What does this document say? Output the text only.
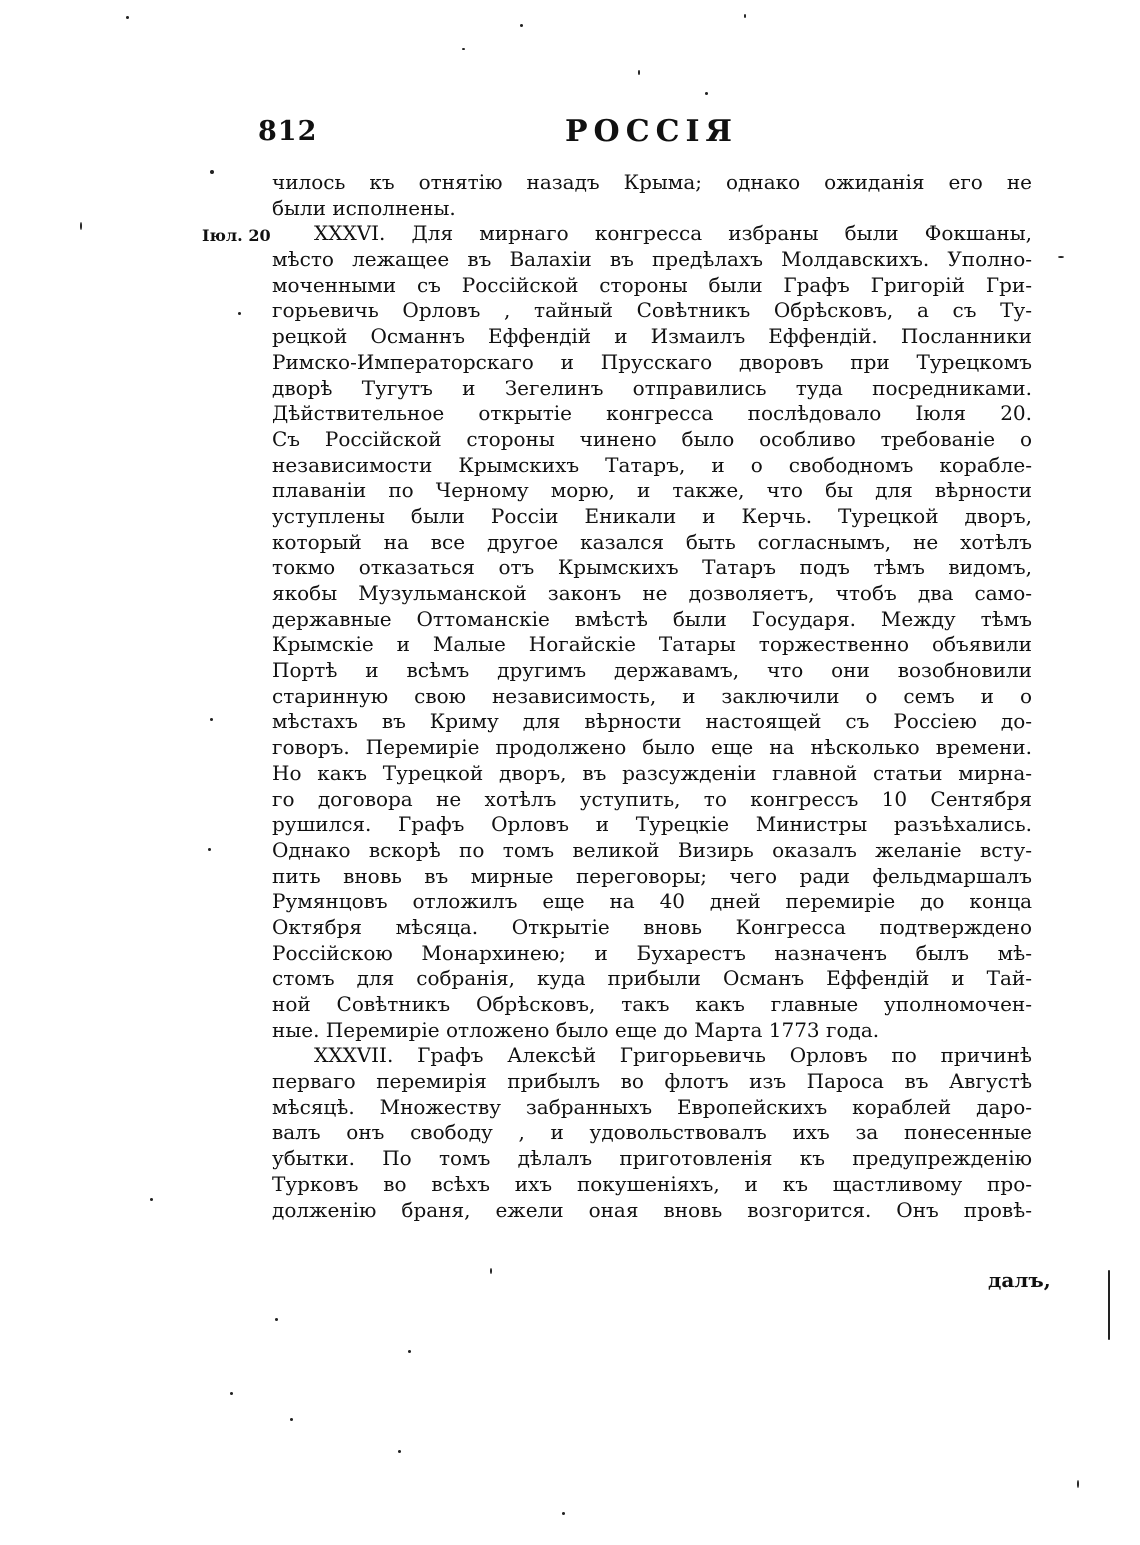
812	РОССІЯ
Іюл. 20
чилось къ отнятію назадъ Крыма; однако ожиданія его не
были исполнены.
XXXVI. Для мирнаго конгресса избраны были Фокшаны,
мѣсто лежащее въ Валахіи въ предѣлахъ Молдавскихъ. Уполно-
моченными съ Россійской стороны были Графъ Григорій Гри-
горьевичь Орловъ , тайный Совѣтникъ Обрѣсковъ, а съ Ту-
рецкой Османнъ Еффендій и Измаилъ Еффендій. Посланники
Римско-Императорскаго и Прусскаго дворовъ при Турецкомъ
дворѣ Тугутъ и Зегелинъ отправились туда посредниками.
Дѣйствительное открытіе конгресса послѣдовало Іюля 20.
Съ Россійской стороны чинено было особливо требованіе о
независимости Крымскихъ Татаръ, и о свободномъ кораблe-
плаваніи по Черному морю, и также, что бы для вѣрности
уступлены были Россіи Еникали и Керчь. Турецкой дворъ,
который на все другое казался быть согласнымъ, не хотѣлъ
токмо отказаться отъ Крымскихъ Татаръ подъ тѣмъ видомъ,
якобы Музульманской законъ не дозволяетъ, чтобъ два само-
державные Оттоманскіе вмѣстѣ были Государя. Между тѣмъ
Крымскіе и Малые Ногайскіе Татары торжественно объявили
Портѣ и всѣмъ другимъ державамъ, что они возобновили
старинную свою независимость, и заключили о семъ и о
мѣстахъ въ Криму для вѣрности настоящей съ Россіею до-
говоръ. Перемиріе продолжено было еще на нѣсколько времени.
Но какъ Турецкой дворъ, въ разсужденіи главной статьи мирна-
го договора не хотѣлъ уступить, то конгрессъ 10 Сентября
рушился. Графъ Орловъ и Турецкіе Министры разъѣхались.
Однако вскорѣ по томъ великой Визирь оказалъ желаніе всту-
пить вновь въ мирные переговоры; чего ради фельдмаршалъ
Румянцовъ отложилъ еще на 40 дней перемиріе до конца
Октября мѣсяца. Открытіе вновь Конгресса подтверждено
Россійскою Монархинею; и Бухарестъ назначенъ былъ мѣ-
стомъ для собранія, куда прибыли Османъ Еффендій и Тай-
ной Совѣтникъ Обрѣсковъ, такъ какъ главные уполномочен-
ные. Перемиріе отложено было еще до Марта 1773 года.
XXXVII. Графъ Алексѣй Григорьевичь Орловъ по причинѣ
перваго перемирія прибылъ во флотъ изъ Пароса въ Августѣ
мѣсяцѣ. Множеству забранныхъ Европейскихъ кораблей даро-
валъ онъ свободу , и удовольствовалъ ихъ за понесенные
убытки. По томъ дѣлалъ приготовленія къ предупрежденію
Турковъ во всѣхъ ихъ покушеніяхъ, и къ щастливому про-
долженію браня, ежели оная вновь возгорится. Онъ провѣ-
далъ,
